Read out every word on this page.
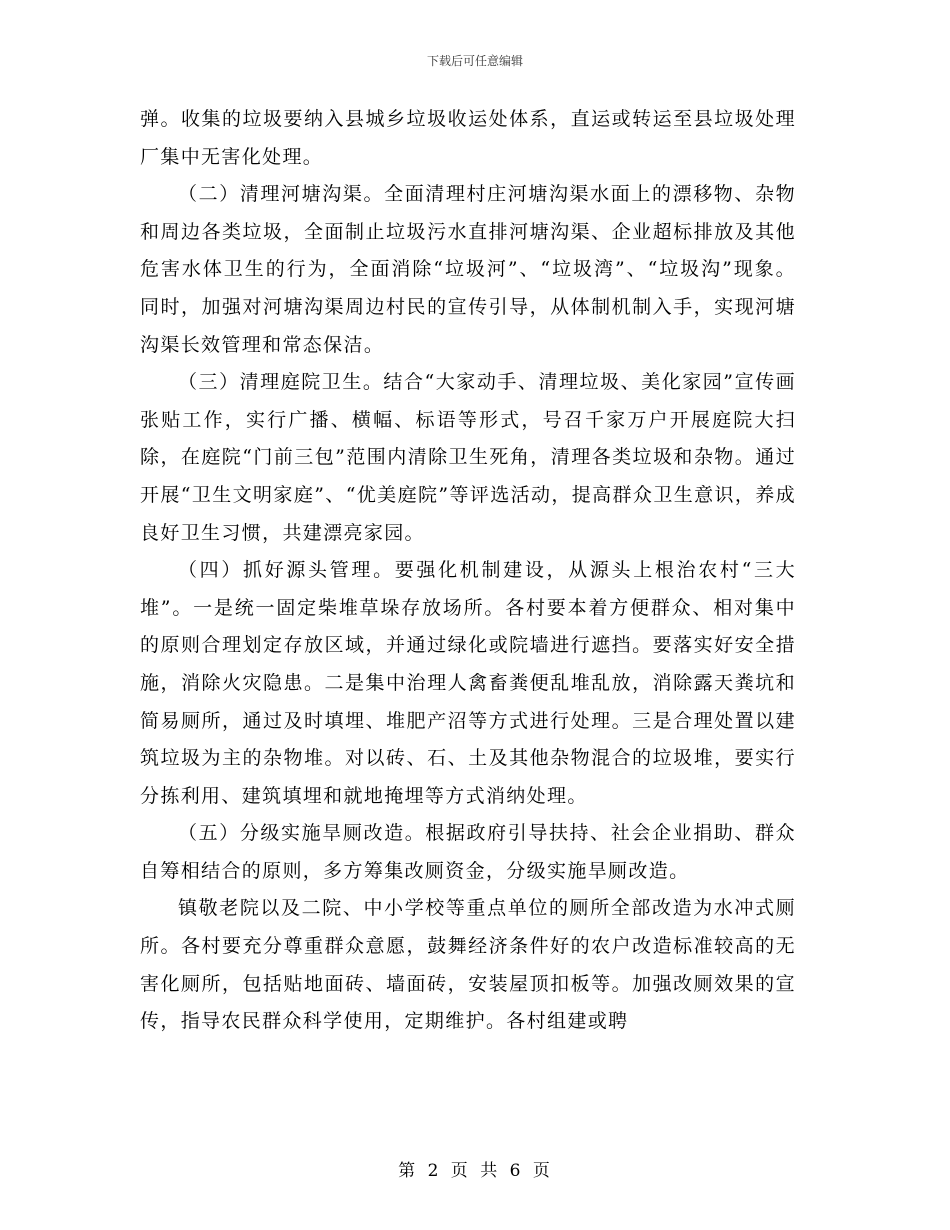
下载后可任意编辑

弹。收集的垃圾要纳入县城乡垃圾收运处体系，直运或转运至县垃圾处理厂集中无害化处理。

（二）清理河塘沟渠。全面清理村庄河塘沟渠水面上的漂移物、杂物和周边各类垃圾，全面制止垃圾污水直排河塘沟渠、企业超标排放及其他危害水体卫生的行为，全面消除“垃圾河”、“垃圾湾”、“垃圾沟”现象。同时，加强对河塘沟渠周边村民的宣传引导，从体制机制入手，实现河塘沟渠长效管理和常态保洁。

（三）清理庭院卫生。结合“大家动手、清理垃圾、美化家园”宣传画张贴工作，实行广播、横幅、标语等形式，号召千家万户开展庭院大扫除，在庭院“门前三包”范围内清除卫生死角，清理各类垃圾和杂物。通过开展“卫生文明家庭”、“优美庭院”等评选活动，提高群众卫生意识，养成良好卫生习惯，共建漂亮家园。

（四）抓好源头管理。要强化机制建设，从源头上根治农村“三大堆”。一是统一固定柴堆草垛存放场所。各村要本着方便群众、相对集中的原则合理划定存放区域，并通过绿化或院墙进行遮挡。要落实好安全措施，消除火灾隐患。二是集中治理人禽畜粪便乱堆乱放，消除露天粪坑和简易厕所，通过及时填埋、堆肥产沼等方式进行处理。三是合理处置以建筑垃圾为主的杂物堆。对以砖、石、土及其他杂物混合的垃圾堆，要实行分拣利用、建筑填埋和就地掩埋等方式消纳处理。

（五）分级实施旱厕改造。根据政府引导扶持、社会企业捐助、群众自筹相结合的原则，多方筹集改厕资金，分级实施旱厕改造。

镇敬老院以及二院、中小学校等重点单位的厕所全部改造为水冲式厕所。各村要充分尊重群众意愿，鼓舞经济条件好的农户改造标准较高的无害化厕所，包括贴地面砖、墙面砖，安装屋顶扣板等。加强改厕效果的宣传，指导农民群众科学使用，定期维护。各村组建或聘

第 2 页 共 6 页
